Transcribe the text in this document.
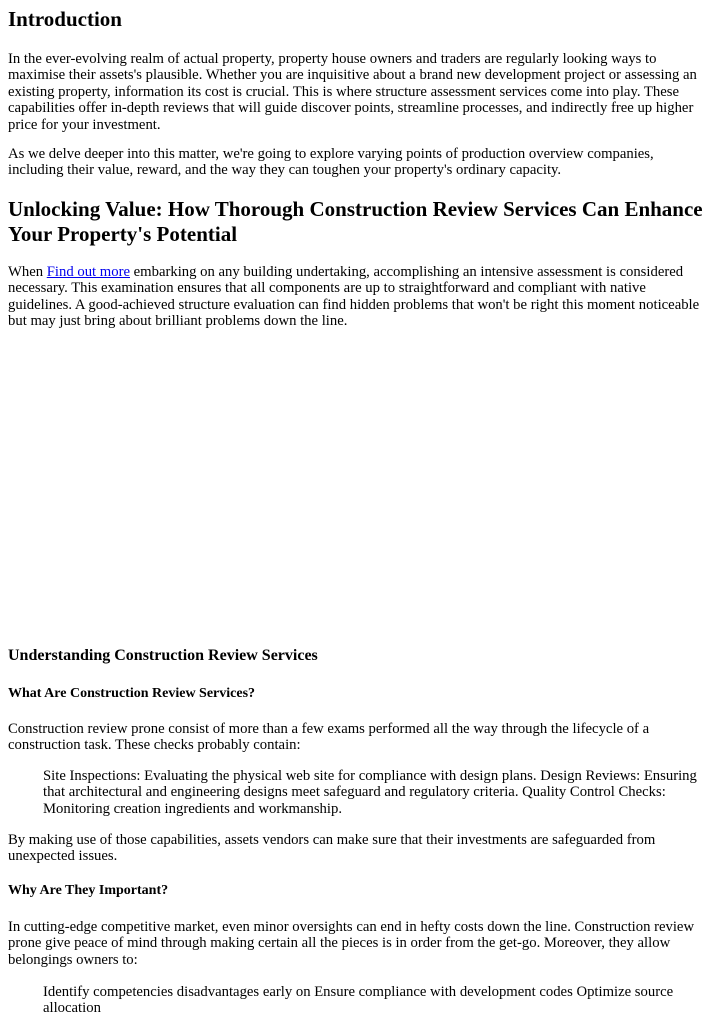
Introduction

In the ever-evolving realm of actual property, property house owners and traders are regularly looking ways to maximise their assets's plausible. Whether you are inquisitive about a brand new development project or assessing an existing property, information its cost is crucial. This is where structure assessment services come into play. These capabilities offer in-depth reviews that will guide discover points, streamline processes, and indirectly free up higher price for your investment.

As we delve deeper into this matter, we're going to explore varying points of production overview companies, including their value, reward, and the way they can toughen your property's ordinary capacity.

Unlocking Value: How Thorough Construction Review Services Can Enhance Your Property's Potential

When Find out more embarking on any building undertaking, accomplishing an intensive assessment is considered necessary. This examination ensures that all components are up to straightforward and compliant with native guidelines. A good-achieved structure evaluation can find hidden problems that won't be right this moment noticeable but may just bring about brilliant problems down the line.

Understanding Construction Review Services
What Are Construction Review Services?

Construction review prone consist of more than a few exams performed all the way through the lifecycle of a construction task. These checks probably contain:

Site Inspections: Evaluating the physical web site for compliance with design plans. Design Reviews: Ensuring that architectural and engineering designs meet safeguard and regulatory criteria. Quality Control Checks: Monitoring creation ingredients and workmanship.

By making use of those capabilities, assets vendors can make sure that their investments are safeguarded from unexpected issues.

Why Are They Important?

In cutting-edge competitive market, even minor oversights can end in hefty costs down the line. Construction review prone give peace of mind through making certain all the pieces is in order from the get-go. Moreover, they allow belongings owners to:

Identify competencies disadvantages early on Ensure compliance with development codes Optimize source allocation
